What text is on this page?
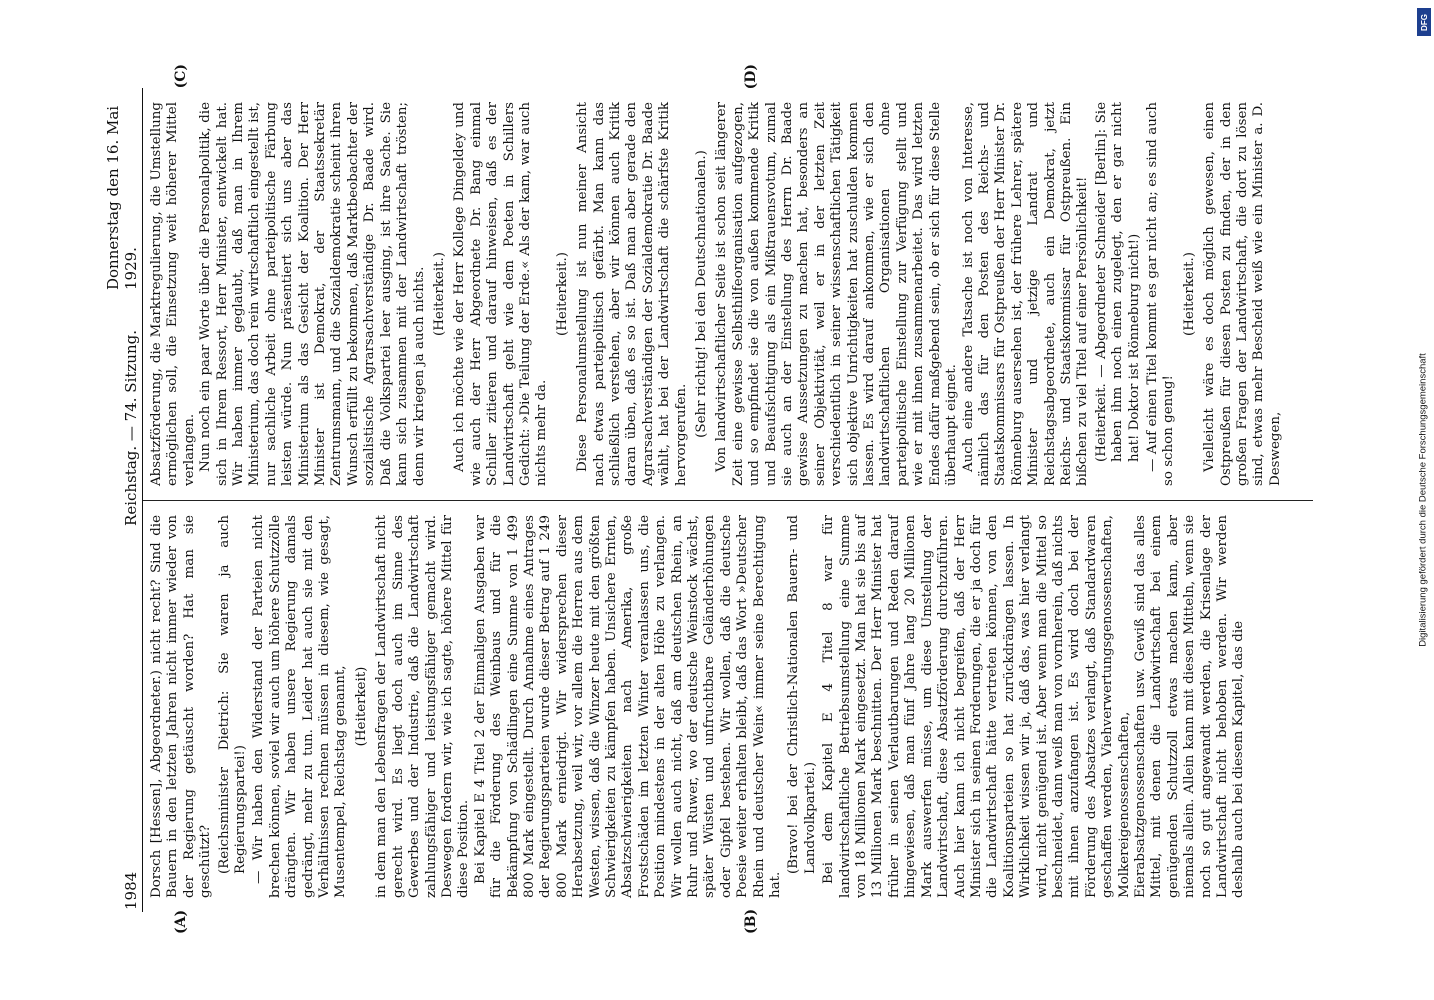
1984
Reichstag. — 74. Sitzung.
Donnerstag den 16. Mai 1929.
(A)	(B)
(C)	(D)

Dorsch [Hessen], Abgeordneter.) nicht recht? Sind die Bauern in den letzten Jahren nicht immer wieder von der Regierung getäuscht worden? Hat man sie geschützt? (Reichsminister Dietrich: Sie waren ja auch Regierungspartei!) — Wir haben den Widerstand der Parteien nicht brechen können, soviel wir auch um höhere Schutzzölle drängten. Wir haben unsere Regierung damals gedrängt, mehr zu tun. Leider hat auch sie mit den Verhältnissen rechnen müssen in diesem, wie gesagt, Musentempel, Reichstag genannt, (Heiterkeit) in dem man den Lebensfragen der Landwirtschaft nicht gerecht wird. Es liegt doch auch im Sinne des Gewerbes und der Industrie, daß die Landwirtschaft zahlungsfähiger und leistungsfähiger gemacht wird. Deswegen fordern wir, wie ich sagte, höhere Mittel für diese Position. Bei Kapitel E 4 Titel 2 der Einmaligen Ausgaben war für die Förderung des Weinbaus und für die Bekämpfung von Schädlingen eine Summe von 1 499 800 Mark eingestellt. Durch Annahme eines Antrages der Regierungsparteien wurde dieser Betrag auf 1 249 800 Mark erniedrigt. Wir widersprechen dieser Herabsetzung, weil wir, vor allem die Herren aus dem Westen, wissen, daß die Winzer heute mit den größten Schwierigkeiten zu kämpfen haben. Unsichere Ernten, Absatzschwierigkeiten nach Amerika, große Frostschäden im letzten Winter veranlassen uns, die Position mindestens in der alten Höhe zu verlangen. Wir wollen auch nicht, daß am deutschen Rhein, an Ruhr und Ruwer, wo der deutsche Weinstock wächst, später Wüsten und unfruchtbare Geländerhöhungen oder Gipfel bestehen. Wir wollen, daß die deutsche Poesie weiter erhalten bleibt, daß das Wort »Deutscher Rhein und deutscher Wein« immer seine Berechtigung hat.

(Bravo! bei der Christlich-Nationalen Bauern- und Landvolkpartei.) Bei dem Kapitel E 4 Titel 8 war für landwirtschaftliche Betriebsumstellung eine Summe von 18 Millionen Mark eingesetzt. Man hat sie bis auf 13 Millionen Mark beschnitten. Der Herr Minister hat früher in seinen Verlautbarungen und Reden darauf hingewiesen, daß man fünf Jahre lang 20 Millionen Mark auswerfen müsse, um diese Umstellung der Landwirtschaft, diese Absatzförderung durchzuführen. Auch hier kann ich nicht begreifen, daß der Herr Minister sich in seinen Forderungen, die er ja doch für die Landwirtschaft hätte vertreten können, von den Koalitionsparteien so hat zurückdrängen lassen. In Wirklichkeit wissen wir ja, daß das, was hier verlangt wird, nicht genügend ist. Aber wenn man die Mittel so beschneidet, dann weiß man von vornherein, daß nichts mit ihnen anzufangen ist. Es wird doch bei der Förderung des Absatzes verlangt, daß Standardwaren geschaffen werden, Viehverwertungsgenossenschaften, Molkereigenossenschaften, Eierabsatzgenossenschaften usw. Gewiß sind das alles Mittel, mit denen die Landwirtschaft bei einem genügenden Schutzzoll etwas machen kann, aber niemals allein. Allein kann mit diesen Mitteln, wenn sie noch so gut angewandt werden, die Krisenlage der Landwirtschaft nicht behoben werden. Wir werden deshalb auch bei diesem Kapitel, das die

Absatzförderung, die Marktregulierung, die Umstellung ermöglichen soll, die Einsetzung weit höherer Mittel verlangen. Nun noch ein paar Worte über die Personalpolitik, die sich in Ihrem Ressort, Herr Minister, entwickelt hat. Wir haben immer geglaubt, daß man in Ihrem Ministerium, das doch rein wirtschaftlich eingestellt ist, nur sachliche Arbeit ohne parteipolitische Färbung leisten würde. Nun präsentiert sich uns aber das Ministerium als das Gesicht der Koalition. Der Herr Minister ist Demokrat, der Staatssekretär Zentrumsmann, und die Sozialdemokratie scheint ihren Wunsch erfüllt zu bekommen, daß Marktbeobachter der sozialistische Agrarsachverständige Dr. Baade wird. Daß die Volkspartei leer ausging, ist ihre Sache. Sie kann sich zusammen mit der Landwirtschaft trösten; denn wir kriegen ja auch nichts. (Heiterkeit.) Auch ich möchte wie der Herr Kollege Dingeldey und wie auch der Herr Abgeordnete Dr. Bang einmal Schiller zitieren und darauf hinweisen, daß es der Landwirtschaft geht wie dem Poeten in Schillers Gedicht: »Die Teilung der Erde.« Als der kam, war auch nichts mehr da.

(Heiterkeit.) Diese Personalumstellung ist nun meiner Ansicht nach etwas parteipolitisch gefärbt. Man kann das schließlich verstehen, aber wir können auch Kritik daran üben, daß es so ist. Daß man aber gerade den Agrarsachverständigen der Sozialdemokratie Dr. Baade wählt, hat bei der Landwirtschaft die schärfste Kritik hervorgerufen. (Sehr richtig! bei den Deutschnationalen.) Von landwirtschaftlicher Seite ist schon seit längerer Zeit eine gewisse Selbsthilfeorganisation aufgezogen, und so empfindet sie die von außen kommende Kritik und Beaufsichtigung als ein Mißtrauensvotum, zumal sie auch an der Einstellung des Herrn Dr. Baade gewisse Aussetzungen zu machen hat, besonders an seiner Objektivität, weil er in der letzten Zeit verschiedentlich in seiner wissenschaftlichen Tätigkeit sich objektive Unrichtigkeiten hat zuschulden kommen lassen. Es wird darauf ankommen, wie er sich den landwirtschaftlichen Organisationen ohne parteipolitische Einstellung zur Verfügung stellt und wie er mit ihnen zusammenarbeitet. Das wird letzten Endes dafür maßgebend sein, ob er sich für diese Stelle überhaupt eignet. Auch eine andere Tatsache ist noch von Interesse, nämlich das für den Posten des Reichs- und Staatskommissars für Ostpreußen der Herr Minister Dr. Rönneburg ausersehen ist, der frühere Lehrer, spätere Minister und jetzige Landrat und Reichstagsabgeordnete, auch ein Demokrat, jetzt Reichs- und Staatskommissar für Ostpreußen. Ein bißchen zu viel Titel auf einer Persönlichkeit! (Heiterkeit. — Abgeordneter Schneider [Berlin]: Sie haben ihm noch einen zugelegt, den er gar nicht hat! Doktor ist Rönneburg nicht!) — Auf einen Titel kommt es gar nicht an; es sind auch so schon genug!

(Heiterkeit.) Vielleicht wäre es doch möglich gewesen, einen Ostpreußen für diesen Posten zu finden, der in den großen Fragen der Landwirtschaft, die dort zu lösen sind, etwas mehr Bescheid weiß wie ein Minister a. D. Deswegen,

DFG
Digitalisierung gefördert durch die Deutsche Forschungsgemeinschaft
